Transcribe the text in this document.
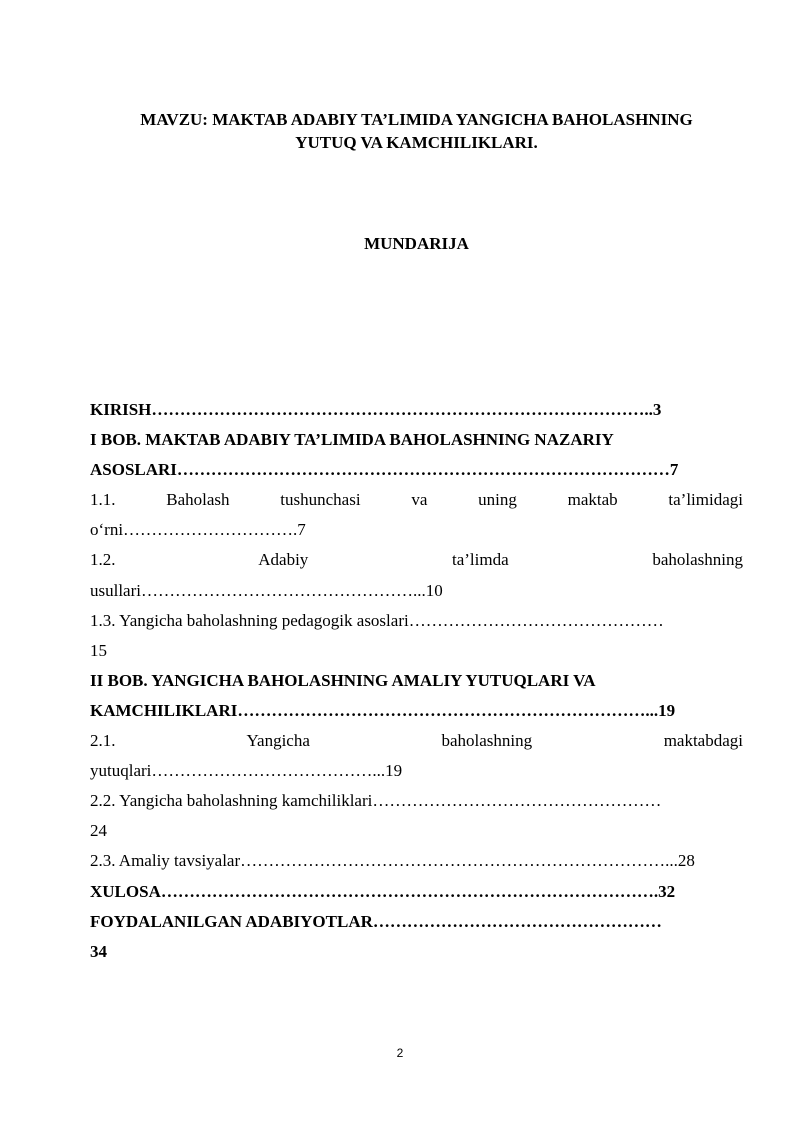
MAVZU: MAKTAB ADABIY TA’LIMIDA YANGICHA BAHOLASHNING
YUTUQ VA KAMCHILIKLARI.
MUNDARIJA
KIRISH……………………………………………………………………………..3
I BOB. MAKTAB ADABIY TA’LIMIDA BAHOLASHNING NAZARIY
ASOSLARI……………………………………………………………………………7
1.1. Baholash tushunchasi va uning maktab ta’limidagi
o‘rni………………………….7
1.2. Adabiy ta’limda baholashning
usullari…………………………………………...10
1.3. Yangicha baholashning pedagogik asoslari………………………………………
15
II BOB. YANGICHA BAHOLASHNING AMALIY YUTUQLARI VA
KAMCHILIKLARI………………………………………………………………...19
2.1. Yangicha baholashning maktabdagi
yutuqlari…………………………………...19
2.2. Yangicha baholashning kamchiliklari……………………………………………
24
2.3. Amaliy tavsiyalar…………………………………………………………………...28
XULOSA…………………………………………………………………………….32
FOYDALANILGAN ADABIYOTLAR……………………………………………
34
2
